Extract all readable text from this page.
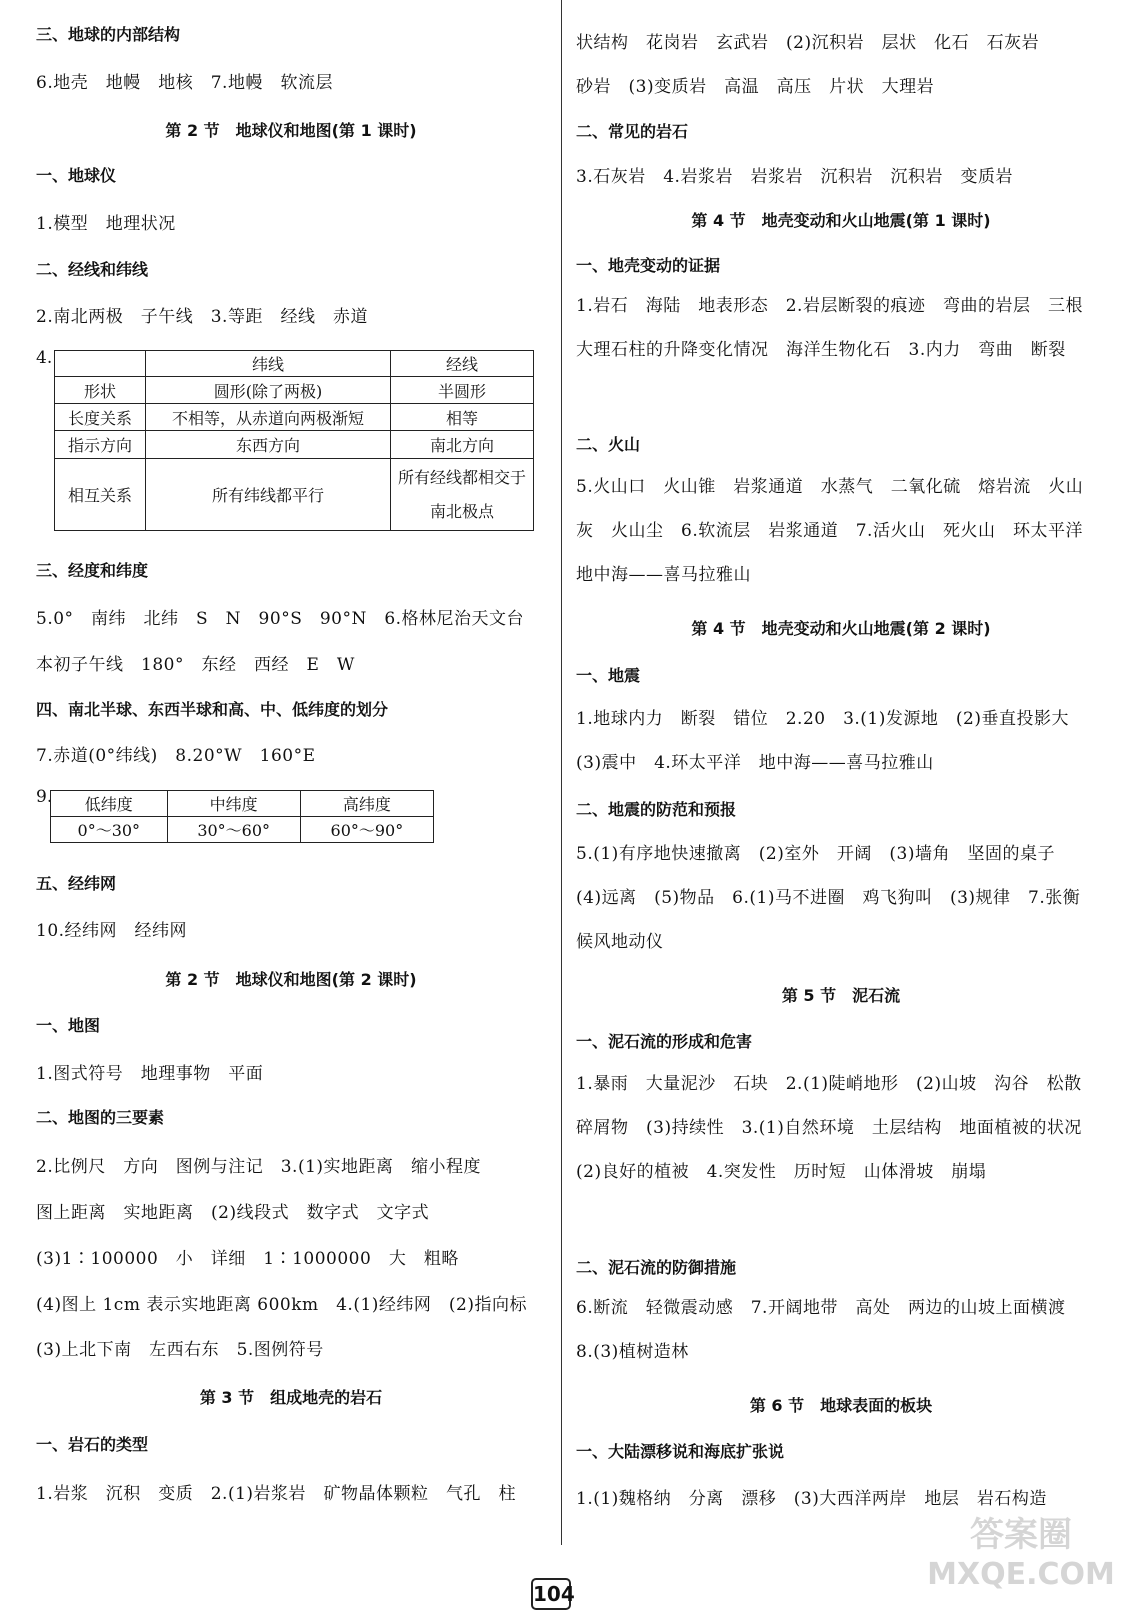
三、地球的内部结构
6.地壳　地幔　地核　7.地幔　软流层
第 2 节　地球仪和地图(第 1 课时)
一、地球仪
1.模型　地理状况
二、经线和纬线
2.南北两极　子午线　3.等距　经线　赤道
4.
		纬线	经线
形状	圆形(除了两极)	半圆形
长度关系	不相等，从赤道向两极渐短	相等
指示方向	东西方向	南北方向
相互关系	所有纬线都平行	所有经线都相交于南北极点
三、经度和纬度
5.0°　南纬　北纬　S　N　90°S　90°N　6.格林尼治天文台
本初子午线　180°　东经　西经　E　W
四、南北半球、东西半球和高、中、低纬度的划分
7.赤道(0°纬线)　8.20°W　160°E
9. 低纬度	中纬度	高纬度
0°～30°	30°～60°	60°～90°
五、经纬网
10.经纬网　经纬网
第 2 节　地球仪和地图(第 2 课时)
一、地图
1.图式符号　地理事物　平面
二、地图的三要素
2.比例尺　方向　图例与注记　3.(1)实地距离　缩小程度
图上距离　实地距离　(2)线段式　数字式　文字式
(3)1∶100000　小　详细　1∶1000000　大　粗略
(4)图上 1cm 表示实地距离 600km　4.(1)经纬网　(2)指向标
(3)上北下南　左西右东　5.图例符号
第 3 节　组成地壳的岩石
一、岩石的类型
1.岩浆　沉积　变质　2.(1)岩浆岩　矿物晶体颗粒　气孔　柱
状结构　花岗岩　玄武岩　(2)沉积岩　层状　化石　石灰岩
砂岩　(3)变质岩　高温　高压　片状　大理岩
二、常见的岩石
3.石灰岩　4.岩浆岩　岩浆岩　沉积岩　沉积岩　变质岩
第 4 节　地壳变动和火山地震(第 1 课时)
一、地壳变动的证据
1.岩石　海陆　地表形态　2.岩层断裂的痕迹　弯曲的岩层　三根大理石柱的升降变化情况　海洋生物化石　3.内力　弯曲　断裂
二、火山
5.火山口　火山锥　岩浆通道　水蒸气　二氧化硫　熔岩流　火山灰　火山尘　6.软流层　岩浆通道　7.活火山　死火山　环太平洋　地中海——喜马拉雅山
第 4 节　地壳变动和火山地震(第 2 课时)
一、地震
1.地球内力　断裂　错位　2.20　3.(1)发源地　(2)垂直投影大　(3)震中　4.环太平洋　地中海——喜马拉雅山
二、地震的防范和预报
5.(1)有序地快速撤离　(2)室外　开阔　(3)墙角　坚固的桌子　(4)远离　(5)物品　6.(1)马不进圈　鸡飞狗叫　(3)规律　7.张衡　候风地动仪
第 5 节　泥石流
一、泥石流的形成和危害
1.暴雨　大量泥沙　石块　2.(1)陡峭地形　(2)山坡　沟谷　松散碎屑物　(3)持续性　3.(1)自然环境　土层结构　地面植被的状况　(2)良好的植被　4.突发性　历时短　山体滑坡　崩塌
二、泥石流的防御措施
6.断流　轻微震动感　7.开阔地带　高处　两边的山坡上面横渡　8.(3)植树造林
第 6 节　地球表面的板块
一、大陆漂移说和海底扩张说
1.(1)魏格纳　分离　漂移　(3)大西洋两岸　地层　岩石构造
104
答案圈
MXQE.COM
